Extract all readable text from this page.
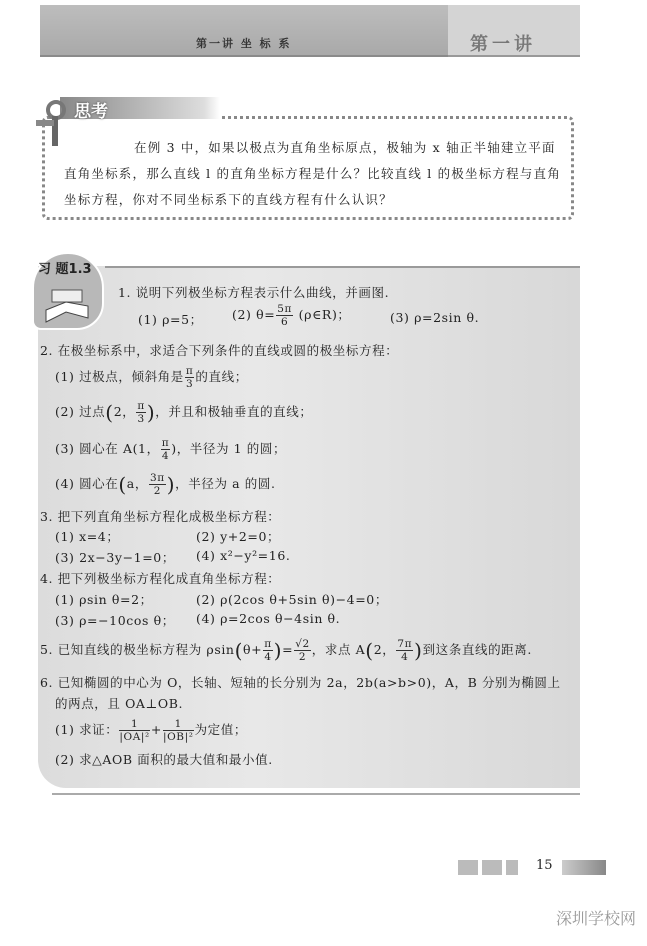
第一讲 坐 标 系	第一讲
思考

在例 3 中，如果以极点为直角坐标原点，极轴为 x 轴正半轴建立平面直角坐标系，那么直线 l 的直角坐标方程是什么？比较直线 l 的极坐标方程与直角坐标方程，你对不同坐标系下的直线方程有什么认识？

习 题1.3
1. 说明下列极坐标方程表示什么曲线，并画图.
(1) ρ=5； (2) $\theta= \frac{5\pi}{6}$ (ρ∈R)；	(3) ρ=2sin θ.
2. 在极坐标系中，求适合下列条件的直线或圆的极坐标方程：
(1) 过极点，倾斜角是 $\frac{\pi}{3}$ 的直线；
(2) 过点(2， $\frac{\pi}{3}$ )，并且和极轴垂直的直线；
(3) 圆心在 A(1， $\frac{\pi}{4}$ )，半径为 1 的圆；
(4) 圆心在(a， $\frac{3\pi}{2}$ )，半径为 a 的圆.
3. 把下列直角坐标方程化成极坐标方程：
(1) x=4；	(2) y+2=0；
(3) 2x−3y−1=0； (4) x²−y²=16.
4. 把下列极坐标方程化成直角坐标方程：
(1) ρsin θ=2；	(2) ρ(2cos θ+5sin θ)−4=0；
(3) ρ=−10cos θ； (4) ρ=2cos θ−4sin θ.
5. 已知直线的极坐标方程为 $\rho\sin(\theta+ \frac{\pi}{4}$ )= $\frac{√2}{2}$ ，求点 A(2， $\frac{7\pi}{4}$ )到这条直线的距离.
6. 已知椭圆的中心为 O，长轴、短轴的长分别为 2a，2b(a>b>0)，A，B 分别为椭圆上
的两点，且 OA⊥OB.
(1) 求证： $\frac{1}{\text{|OA|²}} + \frac{1}{\text{|OB|²}}$ 为定值；
(2) 求△AOB 面积的最大值和最小值.
15
深圳学校网
